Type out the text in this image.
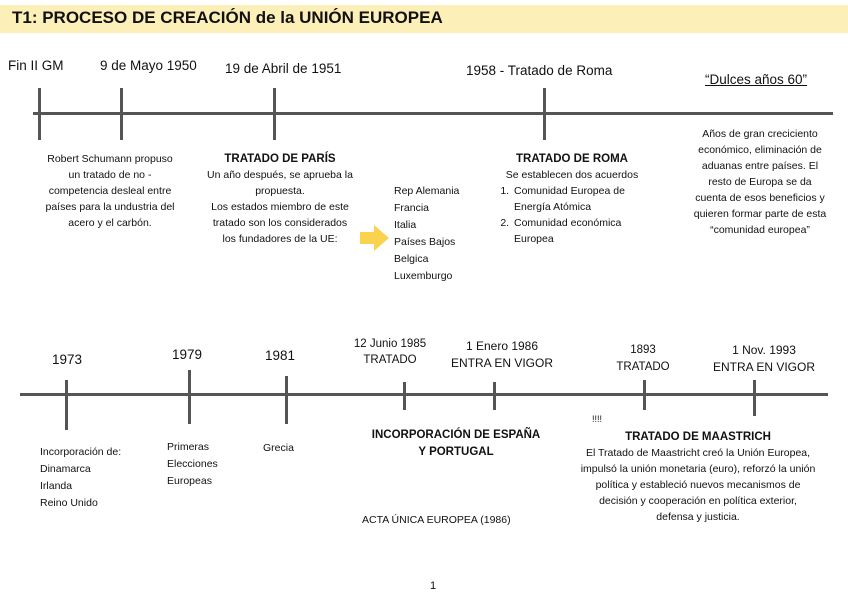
T1: PROCESO DE CREACIÓN de la UNIÓN EUROPEA
Fin II GM	9 de Mayo 1950 19 de Abril de 1951	1958 - Tratado de Roma
“Dulces años 60”
Robert Schumann propuso
un tratado de no -
competencia desleal entre
países para la undustria del
acero y el carbón.
TRATADO DE PARÍS
Un año después, se aprueba la
propuesta.
Los estados miembro de este
tratado son los considerados
los fundadores de la UE:
Rep Alemania
Francia
Italia
Países Bajos
Belgica
Luxemburgo
TRATADO DE ROMA
Se establecen dos acuerdos
1. Comunidad Europea de
Energía Atómica
2. Comunidad económica
Europea
Años de gran creciciento
económico, eliminación de
aduanas entre países. El
resto de Europa se da
cuenta de esos beneficios y
quieren formar parte de esta
“comunidad europea”
1973	1979	1981
12 Junio 1985
TRATADO
1 Enero 1986
ENTRA EN VIGOR
1893
TRATADO
1 Nov. 1993
ENTRA EN VIGOR
Incorporación de:
Dinamarca
Irlanda
Reino Unido
Primeras
Elecciones
Europeas
Grecia
INCORPORACIÓN DE ESPAÑA
Y PORTUGAL
ACTA ÚNICA EUROPEA (1986)
!!!!
TRATADO DE MAASTRICH
El Tratado de Maastricht creó la Unión Europea,
impulsó la unión monetaria (euro), reforzó la unión
política y estableció nuevos mecanismos de
decisión y cooperación en política exterior,
defensa y justicia.
1
